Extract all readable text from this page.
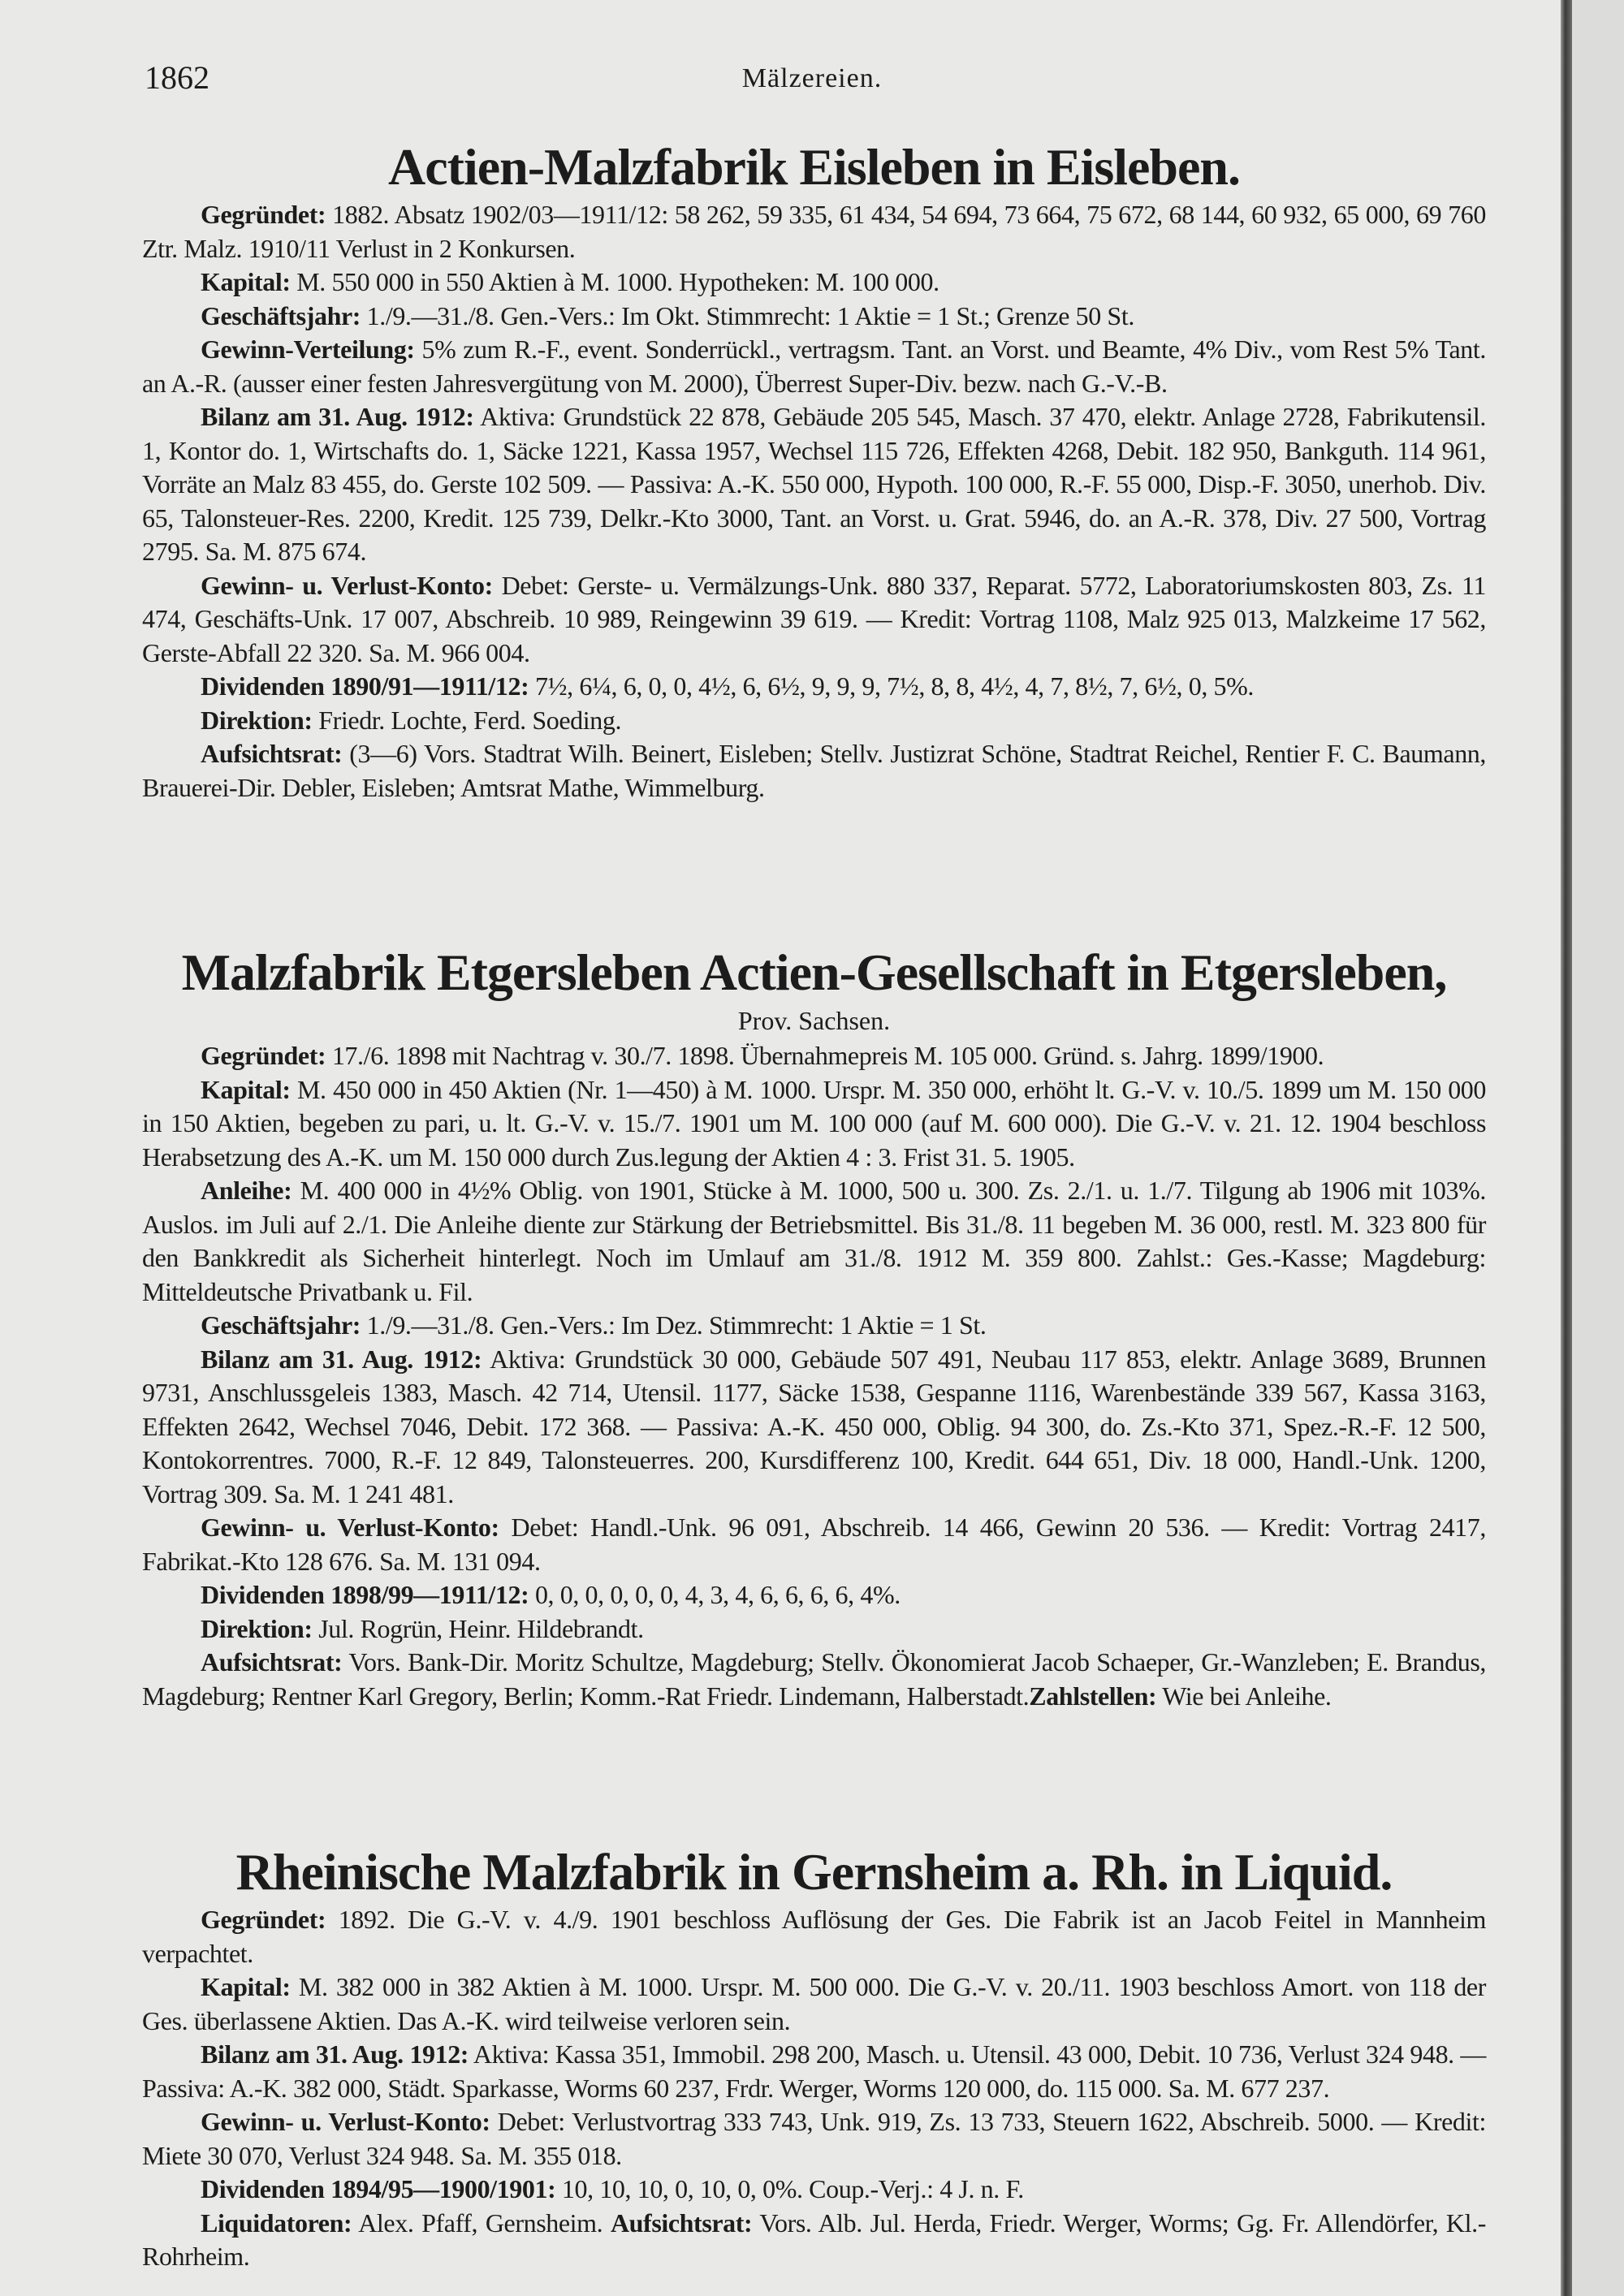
1862	Mälzereien.
Actien-Malzfabrik Eisleben in Eisleben.

Gegründet: 1882. Absatz 1902/03—1911/12: 58 262, 59 335, 61 434, 54 694, 73 664, 75 672, 68 144, 60 932, 65 000, 69 760 Ztr. Malz. 1910/11 Verlust in 2 Konkursen.

Kapital: M. 550 000 in 550 Aktien à M. 1000. Hypotheken: M. 100 000.

Geschäftsjahr: 1./9.—31./8. Gen.-Vers.: Im Okt. Stimmrecht: 1 Aktie = 1 St.; Grenze 50 St.

Gewinn-Verteilung: 5% zum R.-F., event. Sonderrückl., vertragsm. Tant. an Vorst. und Beamte, 4% Div., vom Rest 5% Tant. an A.-R. (ausser einer festen Jahresvergütung von M. 2000), Überrest Super-Div. bezw. nach G.-V.-B.

Bilanz am 31. Aug. 1912: Aktiva: Grundstück 22 878, Gebäude 205 545, Masch. 37 470, elektr. Anlage 2728, Fabrikutensil. 1, Kontor do. 1, Wirtschafts do. 1, Säcke 1221, Kassa 1957, Wechsel 115 726, Effekten 4268, Debit. 182 950, Bankguth. 114 961, Vorräte an Malz 83 455, do. Gerste 102 509. — Passiva: A.-K. 550 000, Hypoth. 100 000, R.-F. 55 000, Disp.-F. 3050, unerhob. Div. 65, Talonsteuer-Res. 2200, Kredit. 125 739, Delkr.-Kto 3000, Tant. an Vorst. u. Grat. 5946, do. an A.-R. 378, Div. 27 500, Vortrag 2795. Sa. M. 875 674.

Gewinn- u. Verlust-Konto: Debet: Gerste- u. Vermälzungs-Unk. 880 337, Reparat. 5772, Laboratoriumskosten 803, Zs. 11 474, Geschäfts-Unk. 17 007, Abschreib. 10 989, Reingewinn 39 619. — Kredit: Vortrag 1108, Malz 925 013, Malzkeime 17 562, Gerste-Abfall 22 320. Sa. M. 966 004.

Dividenden 1890/91—1911/12: 7½, 6¼, 6, 0, 0, 4½, 6, 6½, 9, 9, 9, 7½, 8, 8, 4½, 4, 7, 8½, 7, 6½, 0, 5%.

Direktion: Friedr. Lochte, Ferd. Soeding.

Aufsichtsrat: (3—6) Vors. Stadtrat Wilh. Beinert, Eisleben; Stellv. Justizrat Schöne, Stadtrat Reichel, Rentier F. C. Baumann, Brauerei-Dir. Debler, Eisleben; Amtsrat Mathe, Wimmelburg.

Malzfabrik Etgersleben Actien-Gesellschaft in Etgersleben,
Prov. Sachsen.

Gegründet: 17./6. 1898 mit Nachtrag v. 30./7. 1898. Übernahmepreis M. 105 000. Gründ. s. Jahrg. 1899/1900.

Kapital: M. 450 000 in 450 Aktien (Nr. 1—450) à M. 1000. Urspr. M. 350 000, erhöht lt. G.-V. v. 10./5. 1899 um M. 150 000 in 150 Aktien, begeben zu pari, u. lt. G.-V. v. 15./7. 1901 um M. 100 000 (auf M. 600 000). Die G.-V. v. 21. 12. 1904 beschloss Herabsetzung des A.-K. um M. 150 000 durch Zus.legung der Aktien 4 : 3. Frist 31. 5. 1905.

Anleihe: M. 400 000 in 4½% Oblig. von 1901, Stücke à M. 1000, 500 u. 300. Zs. 2./1. u. 1./7. Tilgung ab 1906 mit 103%. Auslos. im Juli auf 2./1. Die Anleihe diente zur Stärkung der Betriebsmittel. Bis 31./8. 11 begeben M. 36 000, restl. M. 323 800 für den Bankkredit als Sicherheit hinterlegt. Noch im Umlauf am 31./8. 1912 M. 359 800. Zahlst.: Ges.-Kasse; Magdeburg: Mitteldeutsche Privatbank u. Fil.

Geschäftsjahr: 1./9.—31./8. Gen.-Vers.: Im Dez. Stimmrecht: 1 Aktie = 1 St.

Bilanz am 31. Aug. 1912: Aktiva: Grundstück 30 000, Gebäude 507 491, Neubau 117 853, elektr. Anlage 3689, Brunnen 9731, Anschlussgeleis 1383, Masch. 42 714, Utensil. 1177, Säcke 1538, Gespanne 1116, Warenbestände 339 567, Kassa 3163, Effekten 2642, Wechsel 7046, Debit. 172 368. — Passiva: A.-K. 450 000, Oblig. 94 300, do. Zs.-Kto 371, Spez.-R.-F. 12 500, Kontokorrentres. 7000, R.-F. 12 849, Talonsteuerres. 200, Kursdifferenz 100, Kredit. 644 651, Div. 18 000, Handl.-Unk. 1200, Vortrag 309. Sa. M. 1 241 481.

Gewinn- u. Verlust-Konto: Debet: Handl.-Unk. 96 091, Abschreib. 14 466, Gewinn 20 536. — Kredit: Vortrag 2417, Fabrikat.-Kto 128 676. Sa. M. 131 094.

Dividenden 1898/99—1911/12: 0, 0, 0, 0, 0, 0, 4, 3, 4, 6, 6, 6, 6, 4%.

Direktion: Jul. Rogrün, Heinr. Hildebrandt.

Aufsichtsrat: Vors. Bank-Dir. Moritz Schultze, Magdeburg; Stellv. Ökonomierat Jacob Schaeper, Gr.-Wanzleben; E. Brandus, Magdeburg; Rentner Karl Gregory, Berlin; Komm.-Rat Friedr. Lindemann, Halberstadt.Zahlstellen: Wie bei Anleihe.

Rheinische Malzfabrik in Gernsheim a. Rh. in Liquid.

Gegründet: 1892. Die G.-V. v. 4./9. 1901 beschloss Auflösung der Ges. Die Fabrik ist an Jacob Feitel in Mannheim verpachtet.

Kapital: M. 382 000 in 382 Aktien à M. 1000. Urspr. M. 500 000. Die G.-V. v. 20./11. 1903 beschloss Amort. von 118 der Ges. überlassene Aktien. Das A.-K. wird teilweise verloren sein.

Bilanz am 31. Aug. 1912: Aktiva: Kassa 351, Immobil. 298 200, Masch. u. Utensil. 43 000, Debit. 10 736, Verlust 324 948. — Passiva: A.-K. 382 000, Städt. Sparkasse, Worms 60 237, Frdr. Werger, Worms 120 000, do. 115 000. Sa. M. 677 237.

Gewinn- u. Verlust-Konto: Debet: Verlustvortrag 333 743, Unk. 919, Zs. 13 733, Steuern 1622, Abschreib. 5000. — Kredit: Miete 30 070, Verlust 324 948. Sa. M. 355 018.

Dividenden 1894/95—1900/1901: 10, 10, 10, 0, 10, 0, 0%. Coup.-Verj.: 4 J. n. F.

Liquidatoren: Alex. Pfaff, Gernsheim. Aufsichtsrat: Vors. Alb. Jul. Herda, Friedr. Werger, Worms; Gg. Fr. Allendörfer, Kl.-Rohrheim.
